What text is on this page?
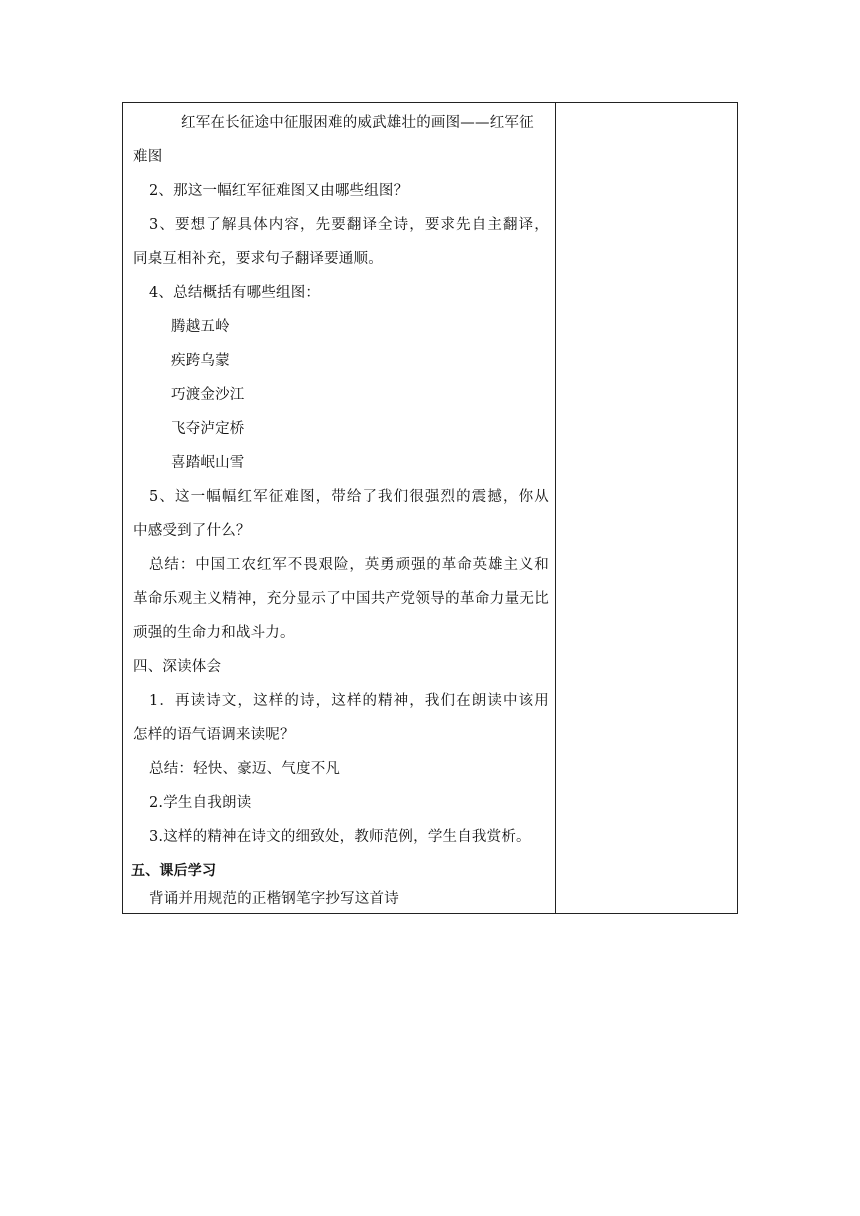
红军在长征途中征服困难的威武雄壮的画图——红军征
难图
2、那这一幅红军征难图又由哪些组图？
3、要想了解具体内容，先要翻译全诗，要求先自主翻译，
同桌互相补充，要求句子翻译要通顺。
4、总结概括有哪些组图：
腾越五岭
疾跨乌蒙
巧渡金沙江
飞夺泸定桥
喜踏岷山雪
5、这一幅幅红军征难图，带给了我们很强烈的震撼，你从
中感受到了什么？
总结：中国工农红军不畏艰险，英勇顽强的革命英雄主义和
革命乐观主义精神，充分显示了中国共产党领导的革命力量无比
顽强的生命力和战斗力。
四、深读体会
1．再读诗文，这样的诗，这样的精神，我们在朗读中该用
怎样的语气语调来读呢？
总结：轻快、豪迈、气度不凡
2.学生自我朗读
3.这样的精神在诗文的细致处，教师范例，学生自我赏析。
五、课后学习
背诵并用规范的正楷钢笔字抄写这首诗
